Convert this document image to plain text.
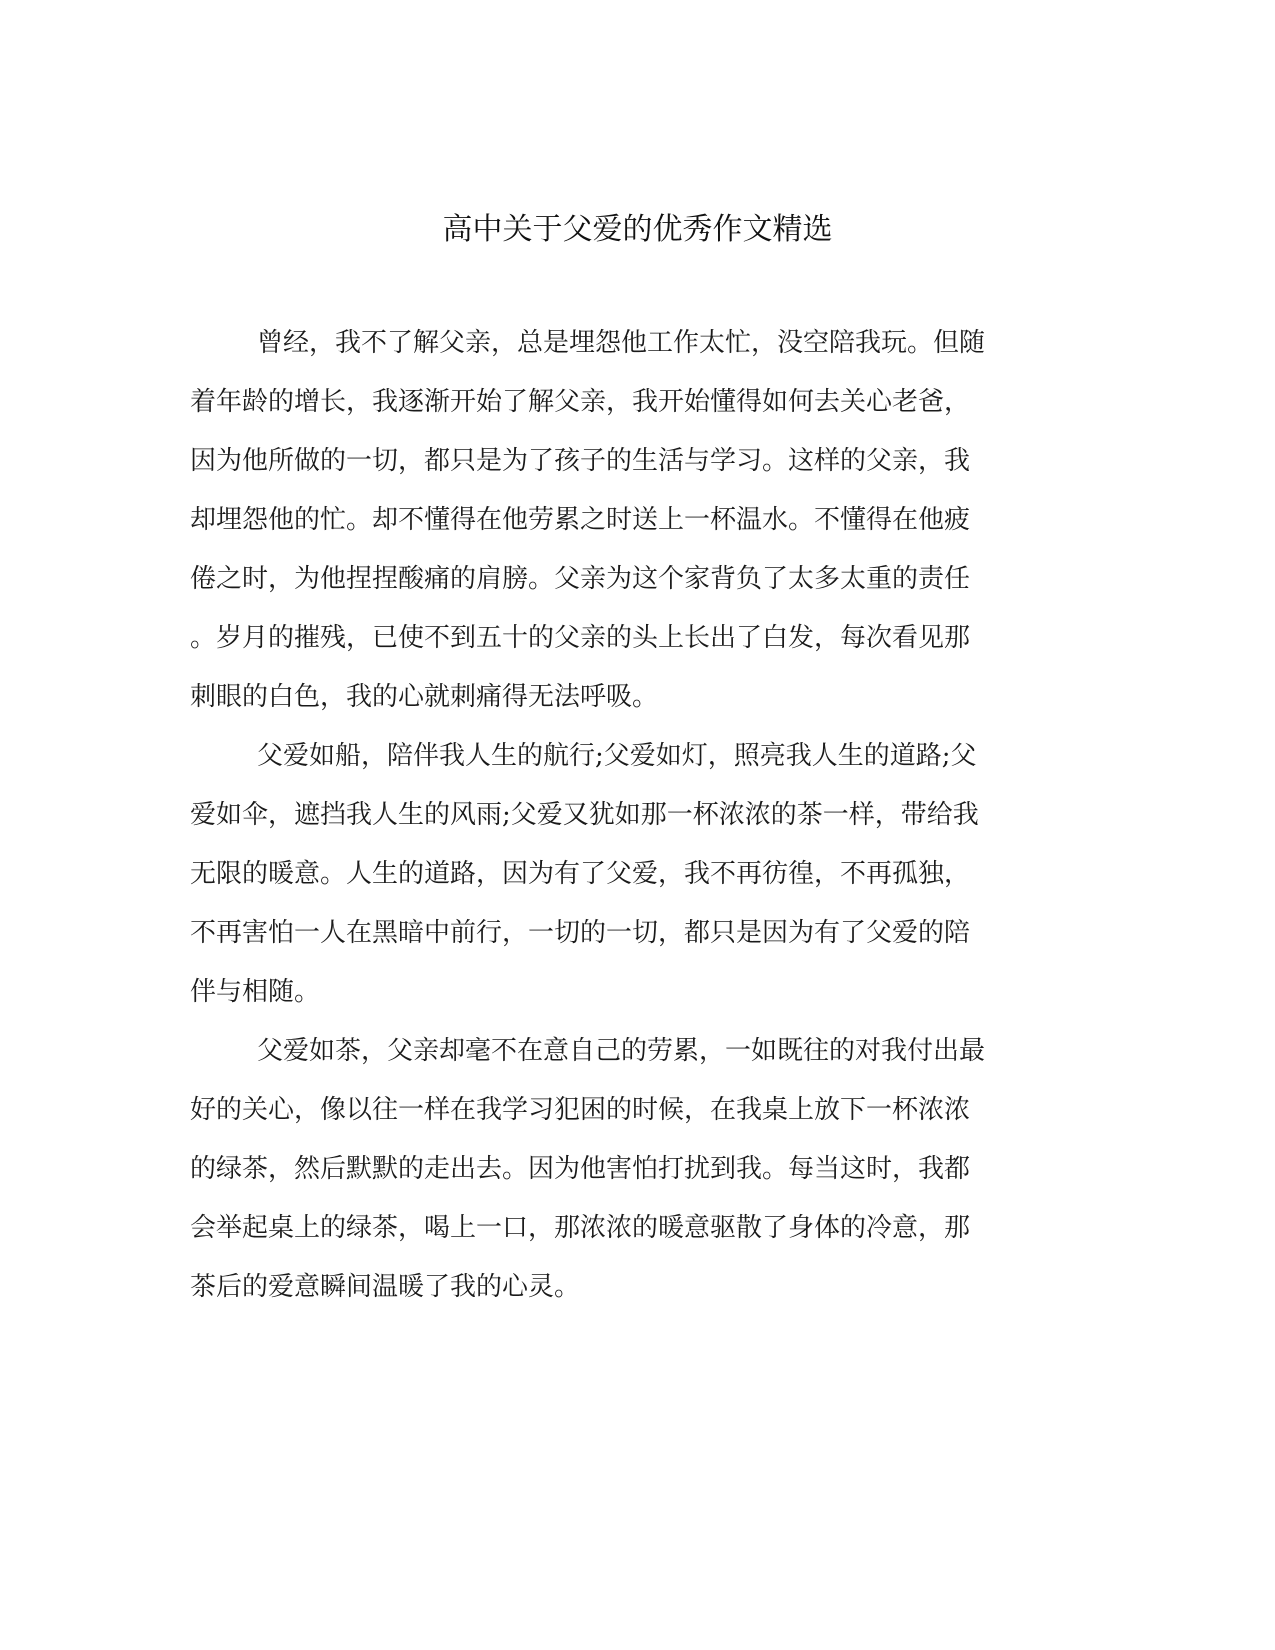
高中关于父爱的优秀作文精选

曾经，我不了解父亲，总是埋怨他工作太忙，没空陪我玩。但随

着年龄的增长，我逐渐开始了解父亲，我开始懂得如何去关心老爸，

因为他所做的一切，都只是为了孩子的生活与学习。这样的父亲，我

却埋怨他的忙。却不懂得在他劳累之时送上一杯温水。不懂得在他疲

倦之时，为他捏捏酸痛的肩膀。父亲为这个家背负了太多太重的责任

。岁月的摧残，已使不到五十的父亲的头上长出了白发，每次看见那

刺眼的白色，我的心就刺痛得无法呼吸。

父爱如船，陪伴我人生的航行;父爱如灯，照亮我人生的道路;父

爱如伞，遮挡我人生的风雨;父爱又犹如那一杯浓浓的茶一样，带给我

无限的暖意。人生的道路，因为有了父爱，我不再彷徨，不再孤独，

不再害怕一人在黑暗中前行，一切的一切，都只是因为有了父爱的陪

伴与相随。

父爱如茶，父亲却毫不在意自己的劳累，一如既往的对我付出最

好的关心，像以往一样在我学习犯困的时候，在我桌上放下一杯浓浓

的绿茶，然后默默的走出去。因为他害怕打扰到我。每当这时，我都

会举起桌上的绿茶，喝上一口，那浓浓的暖意驱散了身体的冷意，那

茶后的爱意瞬间温暖了我的心灵。
